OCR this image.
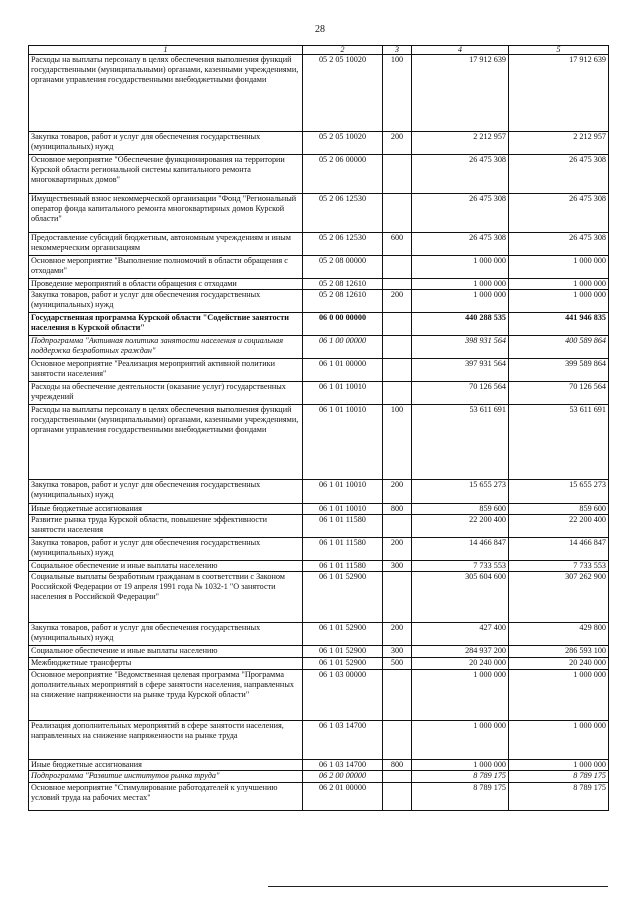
28
1	2	3	4	5
Расходы на выплаты персоналу в целях обеспечения выполнения функций государственными (муниципальными) органами, казенными учреждениями, органами управления государственными внебюджетными фондами	05 2 05 10020	100	17 912 639	17 912 639
Закупка товаров, работ и услуг для обеспечения государственных (муниципальных) нужд	05 2 05 10020	200	2 212 957	2 212 957
Основное мероприятие "Обеспечение функционирования на территории Курской области региональной системы капитального ремонта многоквартирных домов"	05 2 06 00000		26 475 308	26 475 308
Имущественный взнос некоммерческой организации "Фонд "Региональный оператор фонда капитального ремонта многоквартирных домов Курской области"	05 2 06 12530		26 475 308	26 475 308
Предоставление субсидий бюджетным, автономным учреждениям и иным некоммерческим организациям	05 2 06 12530	600	26 475 308	26 475 308
Основное мероприятие "Выполнение полномочий в области обращения с отходами"	05 2 08 00000		1 000 000	1 000 000
Проведение мероприятий в области обращения с отходами	05 2 08 12610		1 000 000	1 000 000
Закупка товаров, работ и услуг для обеспечения государственных (муниципальных) нужд	05 2 08 12610	200	1 000 000	1 000 000
Государственная программа Курской области "Содействие занятости населения в Курской области"	06 0 00 00000		440 288 535	441 946 835
Подпрограмма "Активная политика занятости населения и социальная поддержка безработных граждан"	06 1 00 00000		398 931 564	400 589 864
Основное мероприятие "Реализация мероприятий активной политики занятости населения"	06 1 01 00000		397 931 564	399 589 864
Расходы на обеспечение деятельности (оказание услуг) государственных учреждений	06 1 01 10010		70 126 564	70 126 564
Расходы на выплаты персоналу в целях обеспечения выполнения функций государственными (муниципальными) органами, казенными учреждениями, органами управления государственными внебюджетными фондами	06 1 01 10010	100	53 611 691	53 611 691
Закупка товаров, работ и услуг для обеспечения государственных (муниципальных) нужд	06 1 01 10010	200	15 655 273	15 655 273
Иные бюджетные ассигнования	06 1 01 10010	800	859 600	859 600
Развитие рынка труда Курской области, повышение эффективности занятости населения	06 1 01 11580		22 200 400	22 200 400
Закупка товаров, работ и услуг для обеспечения государственных (муниципальных) нужд	06 1 01 11580	200	14 466 847	14 466 847
Социальное обеспечение и иные выплаты населению	06 1 01 11580	300	7 733 553	7 733 553
Социальные выплаты безработным гражданам в соответствии с Законом Российской Федерации от 19 апреля 1991 года № 1032-1 "О занятости населения в Российской Федерации"	06 1 01 52900		305 604 600	307 262 900
Закупка товаров, работ и услуг для обеспечения государственных (муниципальных) нужд	06 1 01 52900	200	427 400	429 800
Социальное обеспечение и иные выплаты населению	06 1 01 52900	300	284 937 200	286 593 100
Межбюджетные трансферты	06 1 01 52900	500	20 240 000	20 240 000
Основное мероприятие "Ведомственная целевая программа "Программа дополнительных мероприятий в сфере занятости населения, направленных на снижение напряженности на рынке труда Курской области"	06 1 03 00000		1 000 000	1 000 000
Реализация дополнительных мероприятий в сфере занятости населения, направленных на снижение напряженности на рынке труда	06 1 03 14700		1 000 000	1 000 000
Иные бюджетные ассигнования	06 1 03 14700	800	1 000 000	1 000 000
Подпрограмма "Развитие институтов рынка труда"	06 2 00 00000		8 789 175	8 789 175
Основное мероприятие "Стимулирование работодателей к улучшению условий труда на рабочих местах"	06 2 01 00000		8 789 175	8 789 175
